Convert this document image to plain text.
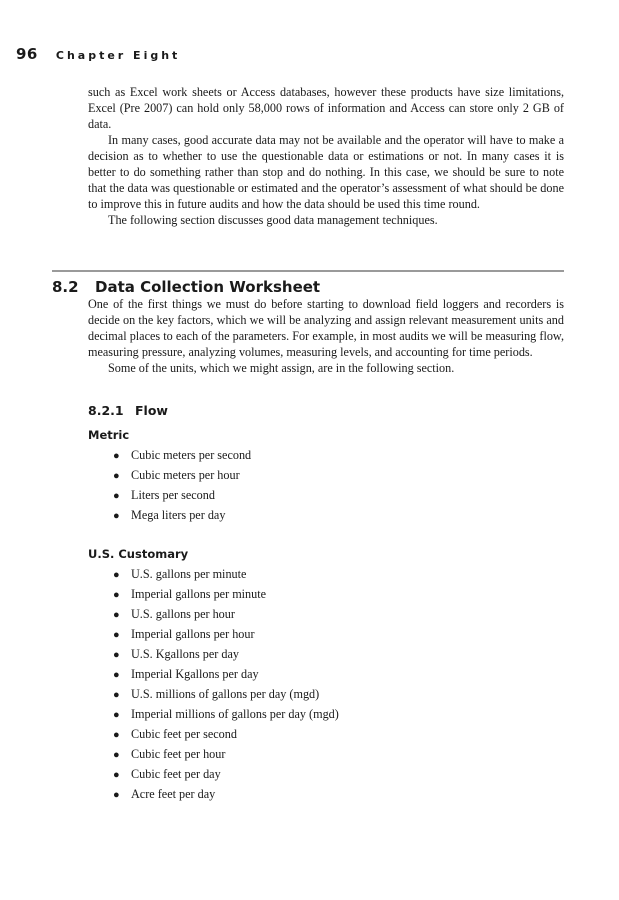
96 Chapter Eight

such as Excel work sheets or Access databases, however these products have size limitations, Excel (Pre 2007) can hold only 58,000 rows of information and Access can store only 2 GB of data.

In many cases, good accurate data may not be available and the operator will have to make a decision as to whether to use the questionable data or estimations or not. In many cases it is better to do something rather than stop and do nothing. In this case, we should be sure to note that the data was questionable or estimated and the operator’s assessment of what should be done to improve this in future audits and how the data should be used this time round.

The following section discusses good data management techniques.

8.2 Data Collection Worksheet

One of the first things we must do before starting to download field loggers and recorders is decide on the key factors, which we will be analyzing and assign relevant measurement units and decimal places to each of the parameters. For example, in most audits we will be measuring flow, measuring pressure, analyzing volumes, measuring levels, and accounting for time periods.

Some of the units, which we might assign, are in the following section.

8.2.1 Flow
Metric
● Cubic meters per second
● Cubic meters per hour
● Liters per second
● Mega liters per day
U.S. Customary
● U.S. gallons per minute
● Imperial gallons per minute
● U.S. gallons per hour
● Imperial gallons per hour
● U.S. Kgallons per day
● Imperial Kgallons per day
● U.S. millions of gallons per day (mgd)
● Imperial millions of gallons per day (mgd)
● Cubic feet per second
● Cubic feet per hour
● Cubic feet per day
● Acre feet per day
